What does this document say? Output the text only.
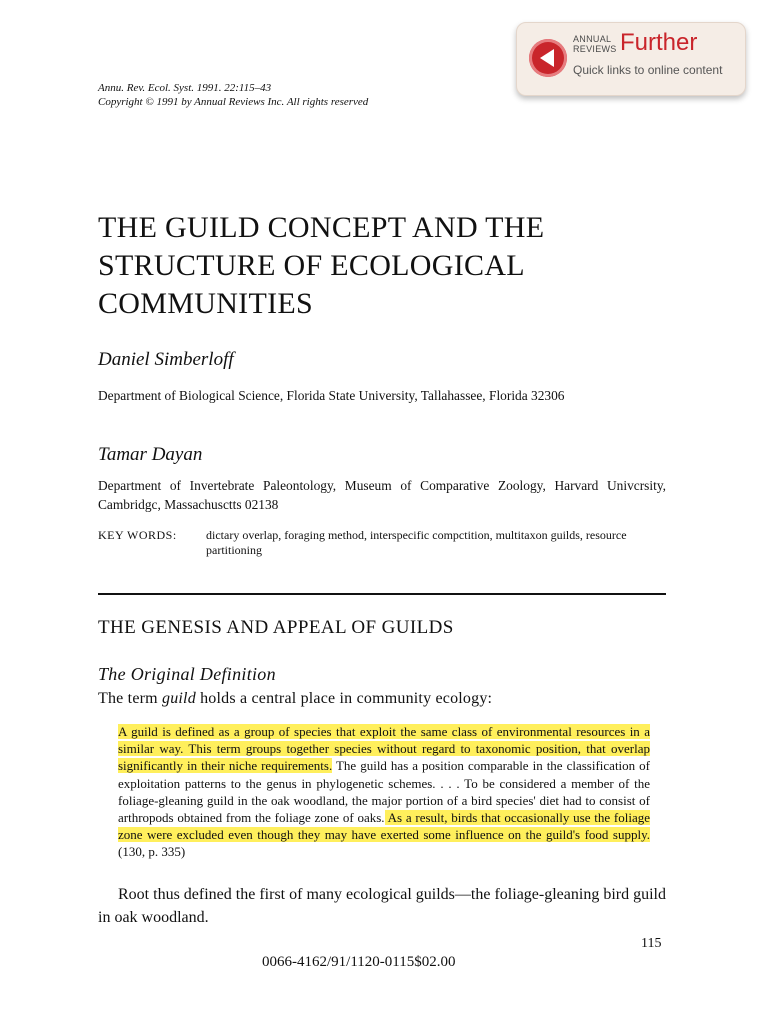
ANNUAL
REVIEWS Further
Quick links to online content
Annu. Rev. Ecol. Syst. 1991. 22:115–43
Copyright © 1991 by Annual Reviews Inc. All rights reserved
THE GUILD CONCEPT AND THE
STRUCTURE OF ECOLOGICAL
COMMUNITIES
Daniel Simberloff
Department of Biological Science, Florida State University, Tallahassee, Florida 32306
Tamar Dayan
Department of Invertebrate Paleontology, Museum of Comparative Zoology, Harvard Univcrsity, Cambridgc, Massachusctts 02138
KEY WORDS: dictary overlap, foraging method, interspecific compctition, multitaxon guilds, resource partitioning
THE GENESIS AND APPEAL OF GUILDS
The Original Definition
The term guild holds a central place in community ecology:
A guild is defined as a group of species that exploit the same class of environmental resources in a similar way. This term groups together species without regard to taxonomic position, that overlap significantly in their niche requirements. The guild has a position comparable in the classification of exploitation patterns to the genus in phylogenetic schemes. . . . To be considered a member of the foliage-gleaning guild in the oak woodland, the major portion of a bird species' diet had to consist of arthropods obtained from the foliage zone of oaks. As a result, birds that occasionally use the foliage zone were excluded even though they may have exerted some influence on the guild's food supply. (130, p. 335)
Root thus defined the first of many ecological guilds—the foliage-gleaning bird guild in oak woodland.
115
0066-4162/91/1120-0115$02.00
